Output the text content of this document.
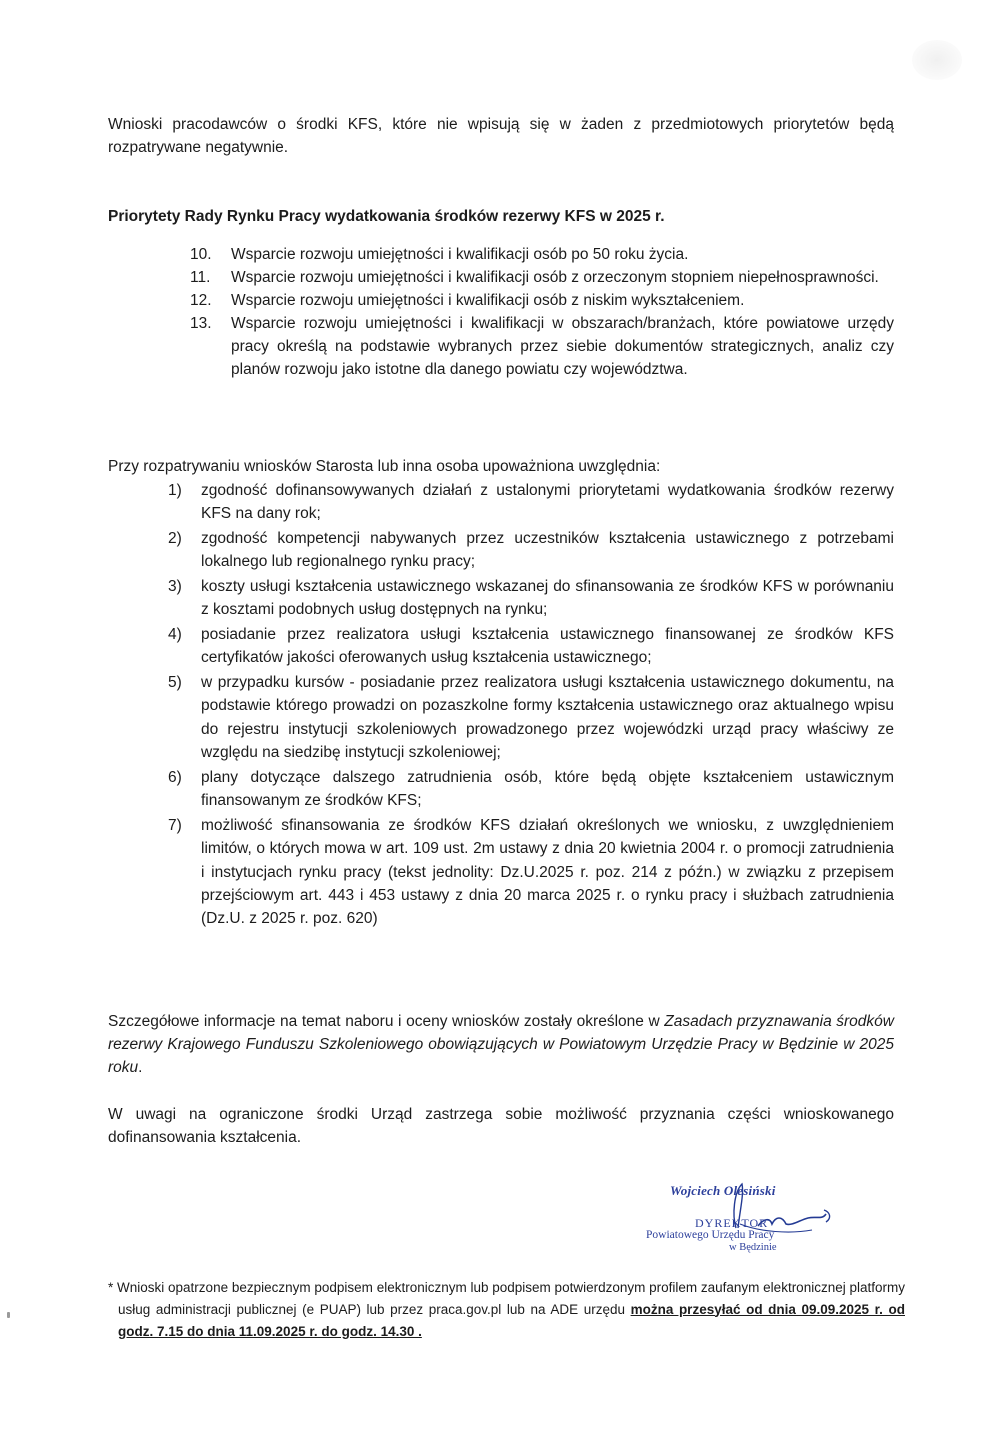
Wnioski pracodawców o środki KFS, które nie wpisują się w żaden z przedmiotowych priorytetów będą rozpatrywane negatywnie.

Priorytety Rady Rynku Pracy wydatkowania środków rezerwy KFS w 2025 r.

10. Wsparcie rozwoju umiejętności i kwalifikacji osób po 50 roku życia.
11. Wsparcie rozwoju umiejętności i kwalifikacji osób z orzeczonym stopniem niepełnosprawności.
12. Wsparcie rozwoju umiejętności i kwalifikacji osób z niskim wykształceniem.
13. Wsparcie rozwoju umiejętności i kwalifikacji w obszarach/branżach, które powiatowe urzędy pracy określą na podstawie wybranych przez siebie dokumentów strategicznych, analiz czy planów rozwoju jako istotne dla danego powiatu czy województwa.

Przy rozpatrywaniu wniosków Starosta lub inna osoba upoważniona uwzględnia:

1) zgodność dofinansowywanych działań z ustalonymi priorytetami wydatkowania środków rezerwy KFS na dany rok;
2) zgodność kompetencji nabywanych przez uczestników kształcenia ustawicznego z potrzebami lokalnego lub regionalnego rynku pracy;
3) koszty usługi kształcenia ustawicznego wskazanej do sfinansowania ze środków KFS w porównaniu z kosztami podobnych usług dostępnych na rynku;
4) posiadanie przez realizatora usługi kształcenia ustawicznego finansowanej ze środków KFS certyfikatów jakości oferowanych usług kształcenia ustawicznego;
5) w przypadku kursów - posiadanie przez realizatora usługi kształcenia ustawicznego dokumentu, na podstawie którego prowadzi on pozaszkolne formy kształcenia ustawicznego oraz aktualnego wpisu do rejestru instytucji szkoleniowych prowadzonego przez wojewódzki urząd pracy właściwy ze względu na siedzibę instytucji szkoleniowej;
6) plany dotyczące dalszego zatrudnienia osób, które będą objęte kształceniem ustawicznym finansowanym ze środków KFS;
7) możliwość sfinansowania ze środków KFS działań określonych we wniosku, z uwzględnieniem limitów, o których mowa w art. 109 ust. 2m ustawy z dnia 20 kwietnia 2004 r. o promocji zatrudnienia i instytucjach rynku pracy (tekst jednolity: Dz.U.2025 r. poz. 214 z późn.) w związku z przepisem przejściowym art. 443 i 453 ustawy z dnia 20 marca 2025 r. o rynku pracy i służbach zatrudnienia (Dz.U. z 2025 r. poz. 620)

Szczegółowe informacje na temat naboru i oceny wniosków zostały określone w Zasadach przyznawania środków rezerwy Krajowego Funduszu Szkoleniowego obowiązujących w Powiatowym Urzędzie Pracy w Będzinie w 2025 roku.

W uwagi na ograniczone środki Urząd zastrzega sobie możliwość przyznania części wnioskowanego dofinansowania kształcenia.

Wojciech Olesiński
DYREKTOR
Powiatowego Urzędu Pracy
w Będzinie

* Wnioski opatrzone bezpiecznym podpisem elektronicznym lub podpisem potwierdzonym profilem zaufanym elektronicznej platformy usług administracji publicznej (e PUAP) lub przez praca.gov.pl lub na ADE urzędu można przesyłać od dnia 09.09.2025 r. od godz. 7.15 do dnia 11.09.2025 r. do godz. 14.30 .
